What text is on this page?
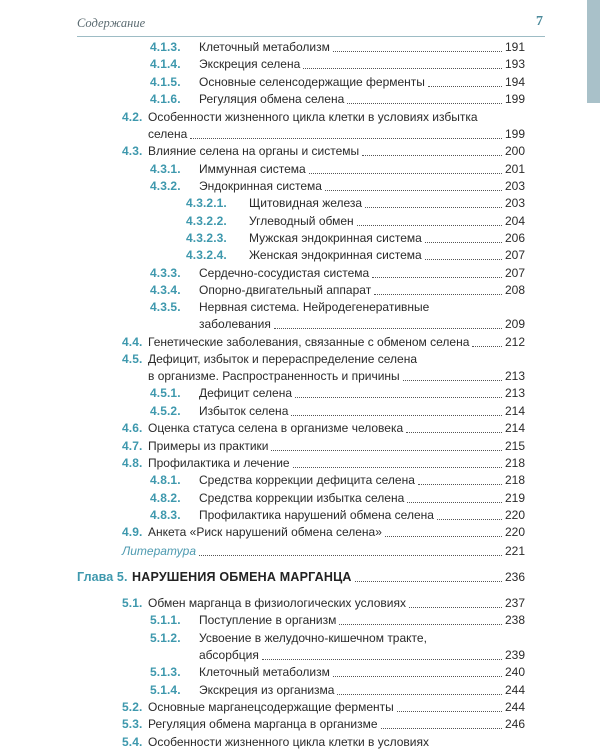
Содержание	7
4.1.3.	Клеточный метаболизм	191
4.1.4.	Экскреция селена	193
4.1.5.	Основные селенсодержащие ферменты	194
4.1.6.	Регуляция обмена селена	199
4.2. Особенности жизненного цикла клетки в условиях избытка
селена	199
4.3. Влияние селена на органы и системы	200
4.3.1.	Иммунная система	201
4.3.2.	Эндокринная система	203
4.3.2.1.	Щитовидная железа	203
4.3.2.2.	Углеводный обмен	204
4.3.2.3.	Мужская эндокринная система	206
4.3.2.4.	Женская эндокринная система	207
4.3.3.	Сердечно-сосудистая система	207
4.3.4.	Опорно-двигательный аппарат	208
4.3.5.	Нервная система. Нейродегенеративные
заболевания	209
4.4. Генетические заболевания, связанные с обменом селена	212
4.5. Дефицит, избыток и перераспределение селена
в организме. Распространенность и причины	213
4.5.1.	Дефицит селена	213
4.5.2.	Избыток селена	214
4.6. Оценка статуса селена в организме человека	214
4.7. Примеры из практики	215
4.8. Профилактика и лечение	218
4.8.1.	Средства коррекции дефицита селена	218
4.8.2.	Средства коррекции избытка селена	219
4.8.3.	Профилактика нарушений обмена селена	220
4.9. Анкета «Риск нарушений обмена селена»	220
Литература	221
Глава 5. НАРУШЕНИЯ ОБМЕНА МАРГАНЦА	236
5.1. Обмен марганца в физиологических условиях	237
5.1.1.	Поступление в организм	238
5.1.2.	Усвоение в желудочно-кишечном тракте,
абсорбция	239
5.1.3.	Клеточный метаболизм	240
5.1.4.	Экскреция из организма	244
5.2. Основные марганецсодержащие ферменты	244
5.3. Регуляция обмена марганца в организме	246
5.4. Особенности жизненного цикла клетки в условиях
